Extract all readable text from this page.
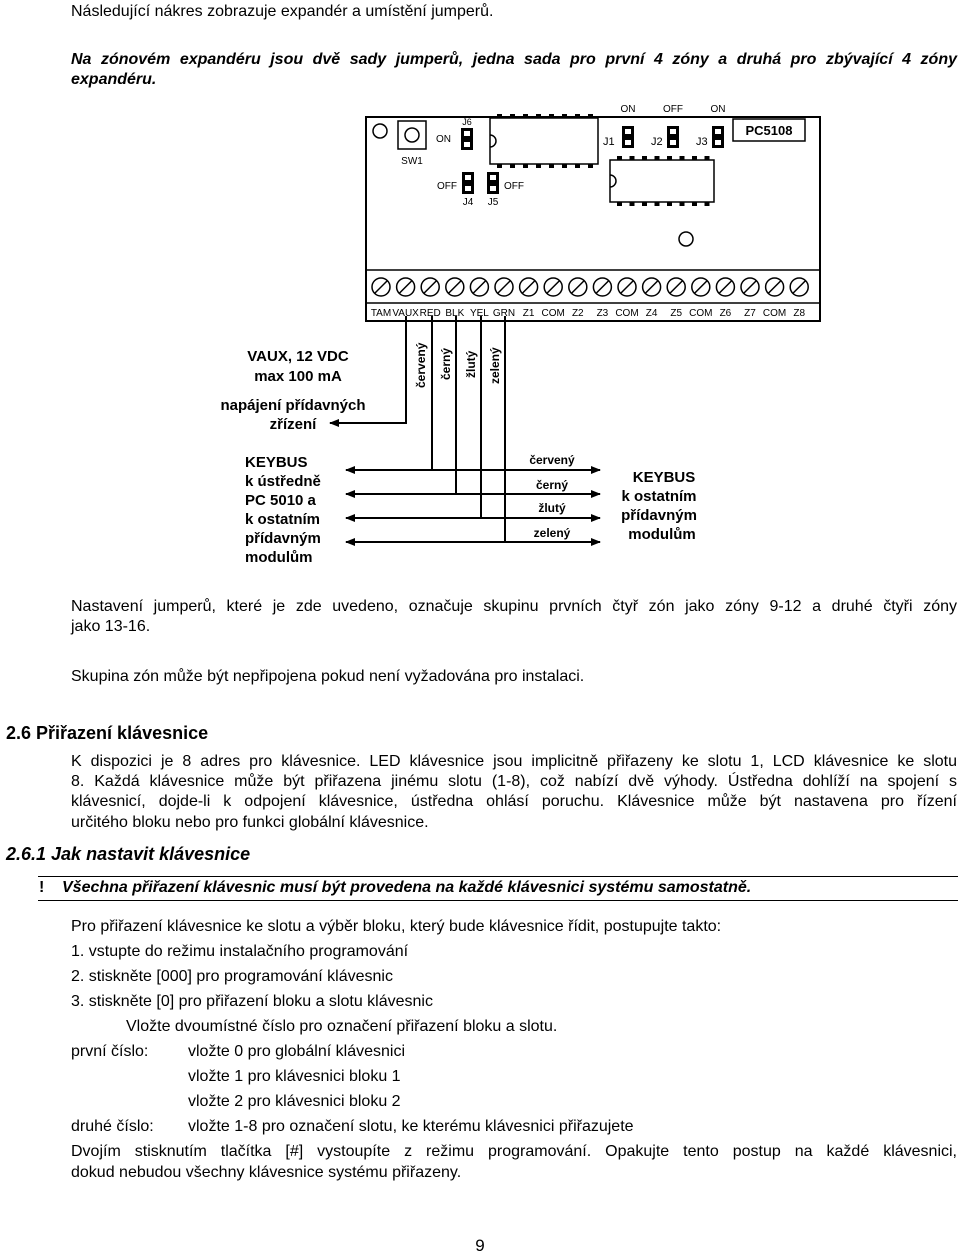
Následující nákres zobrazuje expandér a umístění jumperů.

Na zónovém expandéru jsou dvě sady jumperů, jedna sada pro první 4 zóny a druhá pro zbývající 4 zóny

expandéru.

SW1
J6
ON
ON	OFF	ON
J1	J2	J3
PC5108
OFF	OFF
J4 J5
TAM VAUX RED BLK YEL GRN Z1 COM Z2 Z3 COM Z4 Z5 COM Z6 Z7 COM Z8
VAUX, 12 VDC
max 100 mA
napájení přídavných
zřízení
červený černý žlutý zelený
červený
černý
žlutý
zelený
KEYBUS
k ústředně
PC 5010 a
k ostatním
přídavným
modulům
KEYBUS
k ostatním
přídavným
modulům

Nastavení jumperů, které je zde uvedeno, označuje skupinu prvních čtyř zón jako zóny 9-12 a druhé čtyři zóny

jako 13-16.

Skupina zón může být nepřipojena pokud není vyžadována pro instalaci.

2.6 Přiřazení klávesnice

K dispozici je 8 adres pro klávesnice. LED klávesnice jsou implicitně přiřazeny ke slotu 1, LCD klávesnice ke slotu

8. Každá klávesnice může být přiřazena jinému slotu (1-8), což nabízí dvě výhody. Ústředna dohlíží na spojení s

klávesnicí, dojde-li k odpojení klávesnice, ústředna ohlásí poruchu. Klávesnice může být nastavena pro řízení

určitého bloku nebo pro funkci globální klávesnice.

2.6.1 Jak nastavit klávesnice

! Všechna přiřazení klávesnic musí být provedena na každé klávesnici systému samostatně.

Pro přiřazení klávesnice ke slotu a výběr bloku, který bude klávesnice řídit, postupujte takto:

1. vstupte do režimu instalačního programování

2. stiskněte [000] pro programování klávesnic

3. stiskněte [0] pro přiřazení bloku a slotu klávesnic

Vložte dvoumístné číslo pro označení přiřazení bloku a slotu.

první číslo: vložte 0 pro globální klávesnici

vložte 1 pro klávesnici bloku 1

vložte 2 pro klávesnici bloku 2

druhé číslo: vložte 1-8 pro označení slotu, ke kterému klávesnici přiřazujete

Dvojím stisknutím tlačítka [#] vystoupíte z režimu programování. Opakujte tento postup na každé klávesnici,

dokud nebudou všechny klávesnice systému přiřazeny.

9
